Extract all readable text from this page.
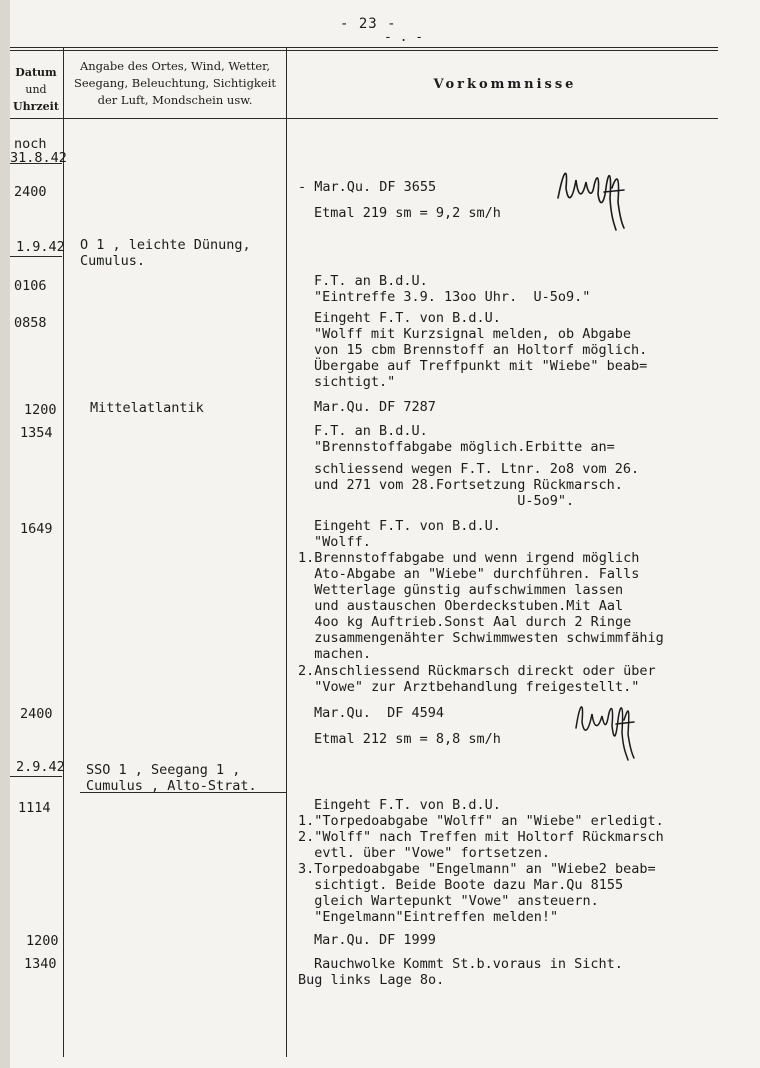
- 23 -
- . -
Datum
und
Uhrzeit
Angabe des Ortes, Wind, Wetter,
Seegang, Beleuchtung, Sichtigkeit
der Luft, Mondschein usw.
Vorkommnisse
noch
31.8.42
2400
1.9.42
0106
0858
1200
1354
1649
2400
2.9.42
1114
1200
1340
O 1 , leichte Dünung,
Cumulus.
Mittelatlantik
SSO 1 , Seegang 1 ,
Cumulus , Alto-Strat.
- Mar.Qu. DF 3655
Etmal 219 sm = 9,2 sm/h
F.T. an B.d.U.
"Eintreffe 3.9. 13oo Uhr.  U-5o9."
Eingeht F.T. von B.d.U.
"Wolff mit Kurzsignal melden, ob Abgabe
von 15 cbm Brennstoff an Holtorf möglich.
Übergabe auf Treffpunkt mit "Wiebe" beab=
sichtigt."
Mar.Qu. DF 7287
F.T. an B.d.U.
"Brennstoffabgabe möglich.Erbitte an=
schliessend wegen F.T. Ltnr. 2o8 vom 26.
und 271 vom 28.Fortsetzung Rückmarsch.
U-5o9".
Eingeht F.T. von B.d.U.
"Wolff.
1.Brennstoffabgabe und wenn irgend möglich
Ato-Abgabe an "Wiebe" durchführen. Falls
Wetterlage günstig aufschwimmen lassen
und austauschen Oberdeckstuben.Mit Aal
4oo kg Auftrieb.Sonst Aal durch 2 Ringe
zusammengenähter Schwimmwesten schwimmfähig
machen.
2.Anschliessend Rückmarsch direckt oder über
"Vowe" zur Arztbehandlung freigestellt."
Mar.Qu.  DF 4594
Etmal 212 sm = 8,8 sm/h
Eingeht F.T. von B.d.U.
1."Torpedoabgabe "Wolff" an "Wiebe" erledigt.
2."Wolff" nach Treffen mit Holtorf Rückmarsch
evtl. über "Vowe" fortsetzen.
3.Torpedoabgabe "Engelmann" an "Wiebe2 beab=
sichtigt. Beide Boote dazu Mar.Qu 8155
gleich Wartepunkt "Vowe" ansteuern.
"Engelmann"Eintreffen melden!"
Mar.Qu. DF 1999
Rauchwolke Kommt St.b.voraus in Sicht.
Bug links Lage 8o.
